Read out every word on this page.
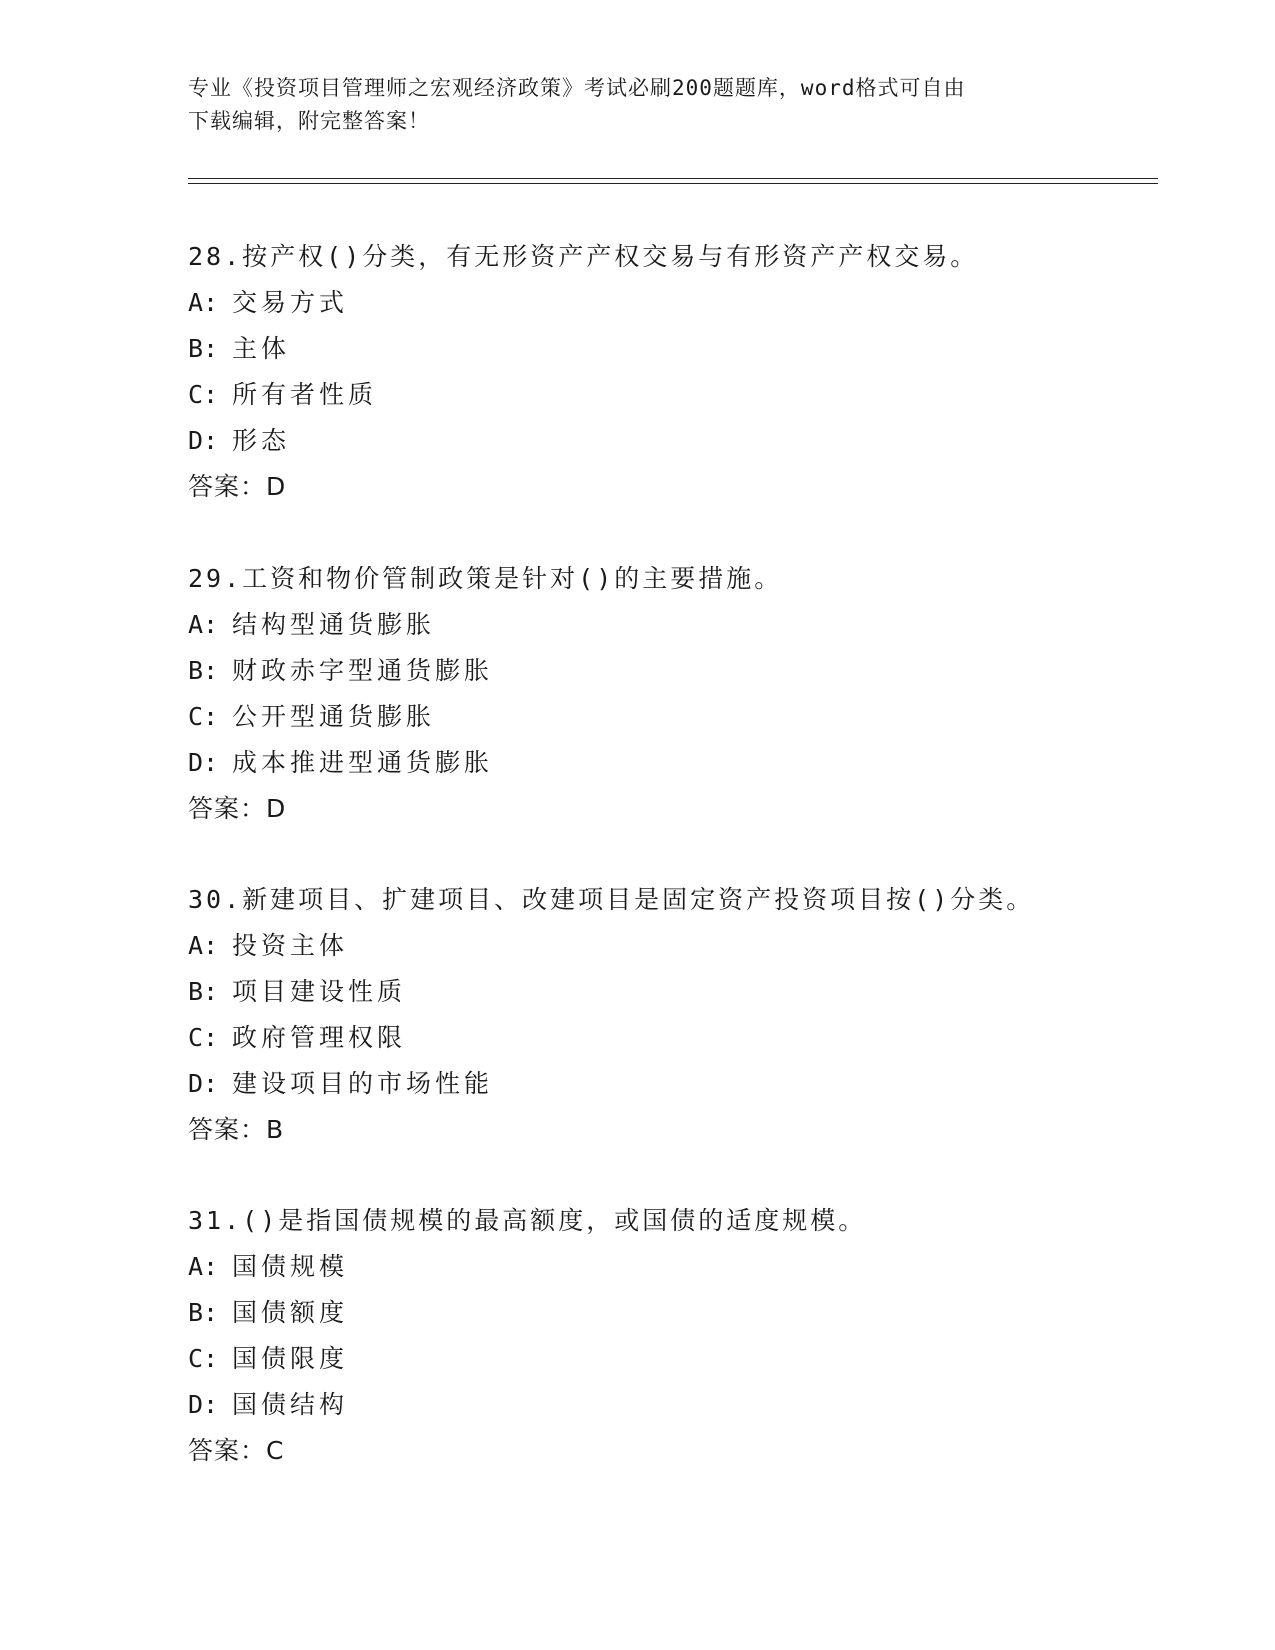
专业《投资项目管理师之宏观经济政策》考试必刷200题题库，word格式可自由
下载编辑，附完整答案！
28.按产权()分类，有无形资产产权交易与有形资产产权交易。
A: 交易方式
B: 主体
C: 所有者性质
D: 形态
答案：D
29.工资和物价管制政策是针对()的主要措施。
A: 结构型通货膨胀
B: 财政赤字型通货膨胀
C: 公开型通货膨胀
D: 成本推进型通货膨胀
答案：D
30.新建项目、扩建项目、改建项目是固定资产投资项目按()分类。
A: 投资主体
B: 项目建设性质
C: 政府管理权限
D: 建设项目的市场性能
答案：B
31.()是指国债规模的最高额度，或国债的适度规模。
A: 国债规模
B: 国债额度
C: 国债限度
D: 国债结构
答案：C
